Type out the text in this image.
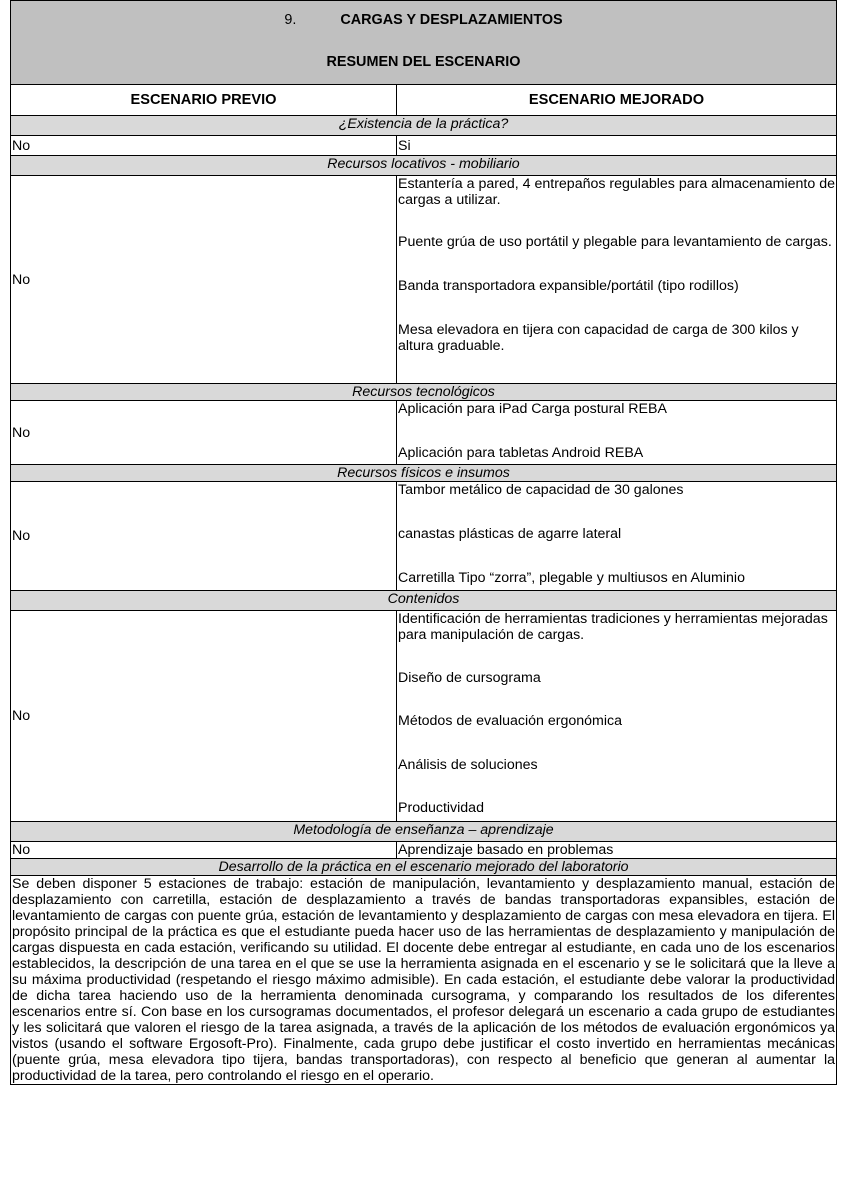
9. CARGAS Y DESPLAZAMIENTOS
RESUMEN DEL ESCENARIO	

ESCENARIO PREVIO	ESCENARIO MEJORADO
¿Existencia de la práctica?	
No	Si
Recursos locativos - mobiliario	
No	Estantería a pared, 4 entrepaños regulables para almacenamiento de cargas a utilizar.
Puente grúa de uso portátil y plegable para levantamiento de cargas.
Banda transportadora expansible/portátil (tipo rodillos)
Mesa elevadora en tijera con capacidad de carga de 300 kilos y altura graduable.

Recursos tecnológicos	
No	Aplicación para iPad Carga postural REBA
Aplicación para tabletas Android REBA

Recursos físicos e insumos	
No	Tambor metálico de capacidad de 30 galones
canastas plásticas de agarre lateral
Carretilla Tipo “zorra”, plegable y multiusos en Aluminio

Contenidos	
No	Identificación de herramientas tradiciones y herramientas mejoradas para manipulación de cargas.
Diseño de cursograma
Métodos de evaluación ergonómica
Análisis de soluciones
Productividad

Metodología de enseñanza – aprendizaje	
No	Aprendizaje basado en problemas
Desarrollo de la práctica en el escenario mejorado del laboratorio	
Se deben disponer 5 estaciones de trabajo: estación de manipulación, levantamiento y desplazamiento manual, estación de desplazamiento con carretilla, estación de desplazamiento a través de bandas transportadoras expansibles, estación de levantamiento de cargas con puente grúa, estación de levantamiento y desplazamiento de cargas con mesa elevadora en tijera. El propósito principal de la práctica es que el estudiante pueda hacer uso de las herramientas de desplazamiento y manipulación de cargas dispuesta en cada estación, verificando su utilidad. El docente debe entregar al estudiante, en cada uno de los escenarios establecidos, la descripción de una tarea en el que se use la herramienta asignada en el escenario y se le solicitará que la lleve a su máxima productividad (respetando el riesgo máximo admisible). En cada estación, el estudiante debe valorar la productividad de dicha tarea haciendo uso de la herramienta denominada cursograma, y comparando los resultados de los diferentes escenarios entre sí. Con base en los cursogramas documentados, el profesor delegará un escenario a cada grupo de estudiantes y les solicitará que valoren el riesgo de la tarea asignada, a través de la aplicación de los métodos de evaluación ergonómicos ya vistos (usando el software Ergosoft-Pro). Finalmente, cada grupo debe justificar el costo invertido en herramientas mecánicas (puente grúa, mesa elevadora tipo tijera, bandas transportadoras), con respecto al beneficio que generan al aumentar la productividad de la tarea, pero controlando el riesgo en el operario.	
